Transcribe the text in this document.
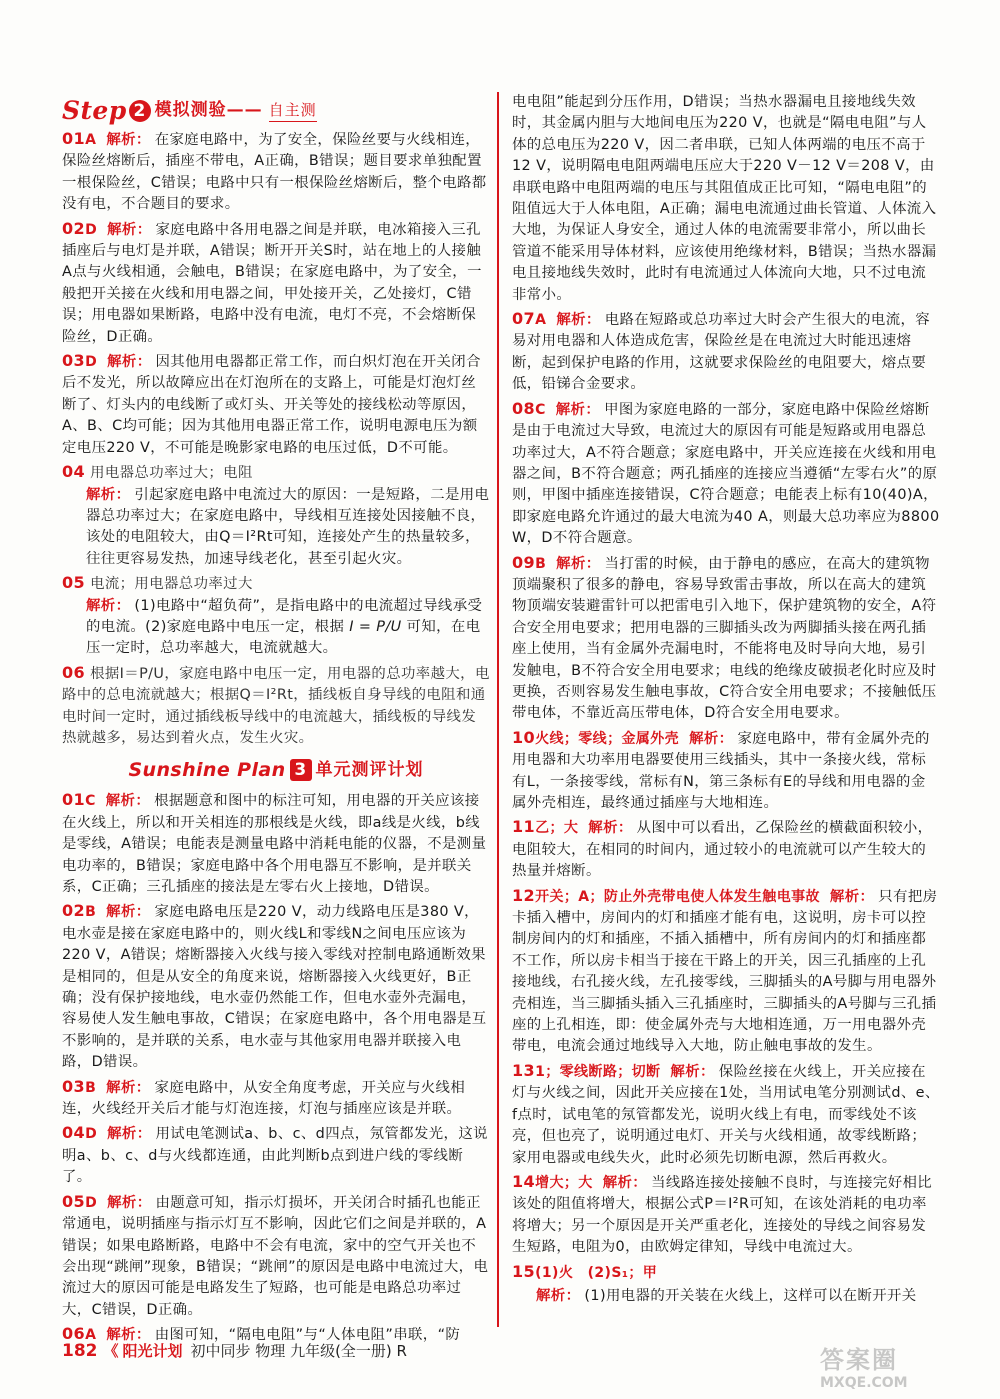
Step 2 模拟测验 —— 自主测
01A 解析： 在家庭电路中，为了安全，保险丝要与火线相连，保险丝熔断后，插座不带电，A正确，B错误；题目要求单独配置一根保险丝，C错误；电路中只有一根保险丝熔断后，整个电路都没有电，不合题目的要求。
02D 解析： 家庭电路中各用电器之间是并联，电冰箱接入三孔插座后与电灯是并联，A错误；断开开关S时，站在地上的人接触A点与火线相通，会触电，B错误；在家庭电路中，为了安全，一般把开关接在火线和用电器之间，甲处接开关，乙处接灯，C错误；用电器如果断路，电路中没有电流，电灯不亮，不会熔断保险丝，D正确。
03D 解析： 因其他用电器都正常工作，而白炽灯泡在开关闭合后不发光，所以故障应出在灯泡所在的支路上，可能是灯泡灯丝断了、灯头内的电线断了或灯头、开关等处的接线松动等原因，A、B、C均可能；因为其他用电器正常工作，说明电源电压为额定电压220 V，不可能是晚影家电路的电压过低，D不可能。
04 用电器总功率过大；电阻
解析： 引起家庭电路中电流过大的原因：一是短路，二是用电器总功率过大；在家庭电路中，导线相互连接处因接触不良，该处的电阻较大，由Q＝I²Rt可知，连接处产生的热量较多，往往更容易发热，加速导线老化，甚至引起火灾。
05 电流；用电器总功率过大
解析： (1)电路中“超负荷”，是指电路中的电流超过导线承受的电流。(2)家庭电路中电压一定，根据 I = P/U 可知，在电压一定时，总功率越大，电流就越大。
06 根据I＝P/U，家庭电路中电压一定，用电器的总功率越大，电路中的总电流就越大；根据Q＝I²Rt，插线板自身导线的电阻和通电时间一定时，通过插线板导线中的电流越大，插线板的导线发热就越多，易达到着火点，发生火灾。
Sunshine Plan 3 单元测评计划
01C 解析： 根据题意和图中的标注可知，用电器的开关应该接在火线上，所以和开关相连的那根线是火线，即a线是火线，b线是零线，A错误；电能表是测量电路中消耗电能的仪器，不是测量电功率的，B错误；家庭电路中各个用电器互不影响，是并联关系，C正确；三孔插座的接法是左零右火上接地，D错误。
02B 解析： 家庭电路电压是220 V，动力线路电压是380 V，电水壶是接在家庭电路中的，则火线L和零线N之间电压应该为220 V，A错误；熔断器接入火线与接入零线对控制电路通断效果是相同的，但是从安全的角度来说，熔断器接入火线更好，B正确；没有保护接地线，电水壶仍然能工作，但电水壶外壳漏电，容易使人发生触电事故，C错误；在家庭电路中，各个用电器是互不影响的，是并联的关系，电水壶与其他家用电器并联接入电路，D错误。
03B 解析： 家庭电路中，从安全角度考虑，开关应与火线相连，火线经开关后才能与灯泡连接，灯泡与插座应该是并联。
04D 解析： 用试电笔测试a、b、c、d四点，氖管都发光，这说明a、b、c、d与火线都连通，由此判断b点到进户线的零线断了。
05D 解析： 由题意可知，指示灯损坏，开关闭合时插孔也能正常通电，说明插座与指示灯互不影响，因此它们之间是并联的，A错误；如果电路断路，电路中不会有电流，家中的空气开关也不会出现“跳闸”现象，B错误；“跳闸”的原因是电路中电流过大，电流过大的原因可能是电路发生了短路，也可能是电路总功率过大，C错误，D正确。
06A 解析： 由图可知，“隔电电阻”与“人体电阻”串联，“防
电电阻”能起到分压作用，D错误；当热水器漏电且接地线失效时，其金属内胆与大地间电压为220 V，也就是“隔电电阻”与人体的总电压为220 V，因二者串联，已知人体两端的电压不高于12 V，说明隔电电阻两端电压应大于220 V－12 V＝208 V，由串联电路中电阻两端的电压与其阻值成正比可知，“隔电电阻”的阻值远大于人体电阻，A正确；漏电电流通过曲长管道、人体流入大地，为保证人身安全，通过人体的电流需要非常小，所以曲长管道不能采用导体材料，应该使用绝缘材料，B错误；当热水器漏电且接地线失效时，此时有电流通过人体流向大地，只不过电流非常小。
07A 解析： 电路在短路或总功率过大时会产生很大的电流，容易对用电器和人体造成危害，保险丝是在电流过大时能迅速熔断，起到保护电路的作用，这就要求保险丝的电阻要大，熔点要低，铅锑合金要求。
08C 解析： 甲图为家庭电路的一部分，家庭电路中保险丝熔断是由于电流过大导致，电流过大的原因有可能是短路或用电器总功率过大，A不符合题意；家庭电路中，开关应连接在火线和用电器之间，B不符合题意；两孔插座的连接应当遵循“左零右火”的原则，甲图中插座连接错误，C符合题意；电能表上标有10(40)A，即家庭电路允许通过的最大电流为40 A，则最大总功率应为8800 W，D不符合题意。
09B 解析： 当打雷的时候，由于静电的感应，在高大的建筑物顶端聚积了很多的静电，容易导致雷击事故，所以在高大的建筑物顶端安装避雷针可以把雷电引入地下，保护建筑物的安全，A符合安全用电要求；把用电器的三脚插头改为两脚插头接在两孔插座上使用，当有金属外壳漏电时，不能将电及时导向大地，易引发触电，B不符合安全用电要求；电线的绝缘皮破损老化时应及时更换，否则容易发生触电事故，C符合安全用电要求；不接触低压带电体，不靠近高压带电体，D符合安全用电要求。
10火线；零线；金属外壳 解析： 家庭电路中，带有金属外壳的用电器和大功率用电器要使用三线插头，其中一条接火线，常标有L，一条接零线，常标有N，第三条标有E的导线和用电器的金属外壳相连，最终通过插座与大地相连。
11乙；大 解析： 从图中可以看出，乙保险丝的横截面积较小，电阻较大，在相同的时间内，通过较小的电流就可以产生较大的热量并熔断。
12开关；A；防止外壳带电使人体发生触电事故 解析： 只有把房卡插入槽中，房间内的灯和插座才能有电，这说明，房卡可以控制房间内的灯和插座，不插入插槽中，所有房间内的灯和插座都不工作，所以房卡相当于接在干路上的开关，因三孔插座的上孔接地线，右孔接火线，左孔接零线，三脚插头的A号脚与用电器外壳相连，当三脚插头插入三孔插座时，三脚插头的A号脚与三孔插座的上孔相连，即：使金属外壳与大地相连通，万一用电器外壳带电，电流会通过地线导入大地，防止触电事故的发生。
131；零线断路；切断 解析： 保险丝接在火线上，开关应接在灯与火线之间，因此开关应接在1处，当用试电笔分别测试d、e、f点时，试电笔的氖管都发光，说明火线上有电，而零线处不该亮，但也亮了，说明通过电灯、开关与火线相通，故零线断路；家用电器或电线失火，此时必须先切断电源，然后再救火。
14增大；大 解析： 当线路连接处接触不良时，与连接完好相比该处的阻值将增大，根据公式P＝I²R可知，在该处消耗的电功率将增大；另一个原因是开关严重老化，连接处的导线之间容易发生短路，电阻为0，由欧姆定律知，导线中电流过大。
15(1)火　(2)S₁；甲
解析： (1)用电器的开关装在火线上，这样可以在断开开关
182 《 阳光计划 初中同步 物理 九年级(全一册) R	答案圈
MXQE.COM
